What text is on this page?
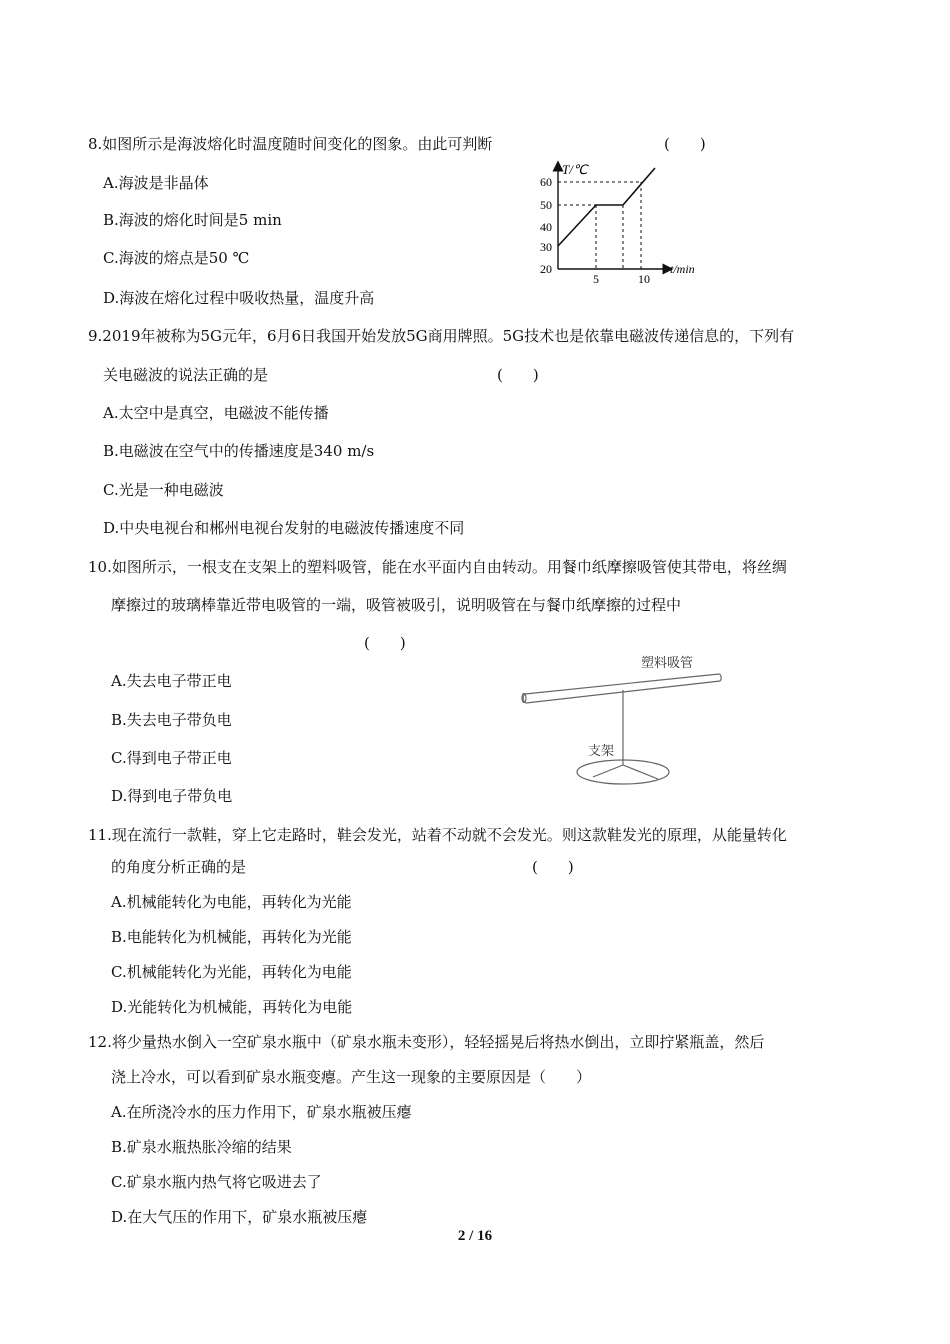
8.如图所示是海波熔化时温度随时间变化的图象。由此可判断	(　　)
A.海波是非晶体
B.海波的熔化时间是5 min
C.海波的熔点是50 ℃
D.海波在熔化过程中吸收热量，温度升高
T/℃
t/min
60
50
40
30
20
5	10
9.2019年被称为5G元年，6月6日我国开始发放5G商用牌照。5G技术也是依靠电磁波传递信息的，下列有
关电磁波的说法正确的是	(　　)
A.太空中是真空，电磁波不能传播
B.电磁波在空气中的传播速度是340 m/s
C.光是一种电磁波
D.中央电视台和郴州电视台发射的电磁波传播速度不同
10.如图所示，一根支在支架上的塑料吸管，能在水平面内自由转动。用餐巾纸摩擦吸管使其带电，将丝绸
摩擦过的玻璃棒靠近带电吸管的一端，吸管被吸引，说明吸管在与餐巾纸摩擦的过程中
(　　)
A.失去电子带正电
B.失去电子带负电
C.得到电子带正电
D.得到电子带负电
塑料吸管
支架
11.现在流行一款鞋，穿上它走路时，鞋会发光，站着不动就不会发光。则这款鞋发光的原理，从能量转化
的角度分析正确的是	(　　)
A.机械能转化为电能，再转化为光能
B.电能转化为机械能，再转化为光能
C.机械能转化为光能，再转化为电能
D.光能转化为机械能，再转化为电能
12.将少量热水倒入一空矿泉水瓶中（矿泉水瓶未变形），轻轻摇晃后将热水倒出，立即拧紧瓶盖，然后
浇上冷水，可以看到矿泉水瓶变瘪。产生这一现象的主要原因是（　　）
A.在所浇冷水的压力作用下，矿泉水瓶被压瘪
B.矿泉水瓶热胀冷缩的结果
C.矿泉水瓶内热气将它吸进去了
D.在大气压的作用下，矿泉水瓶被压瘪
2 / 16
